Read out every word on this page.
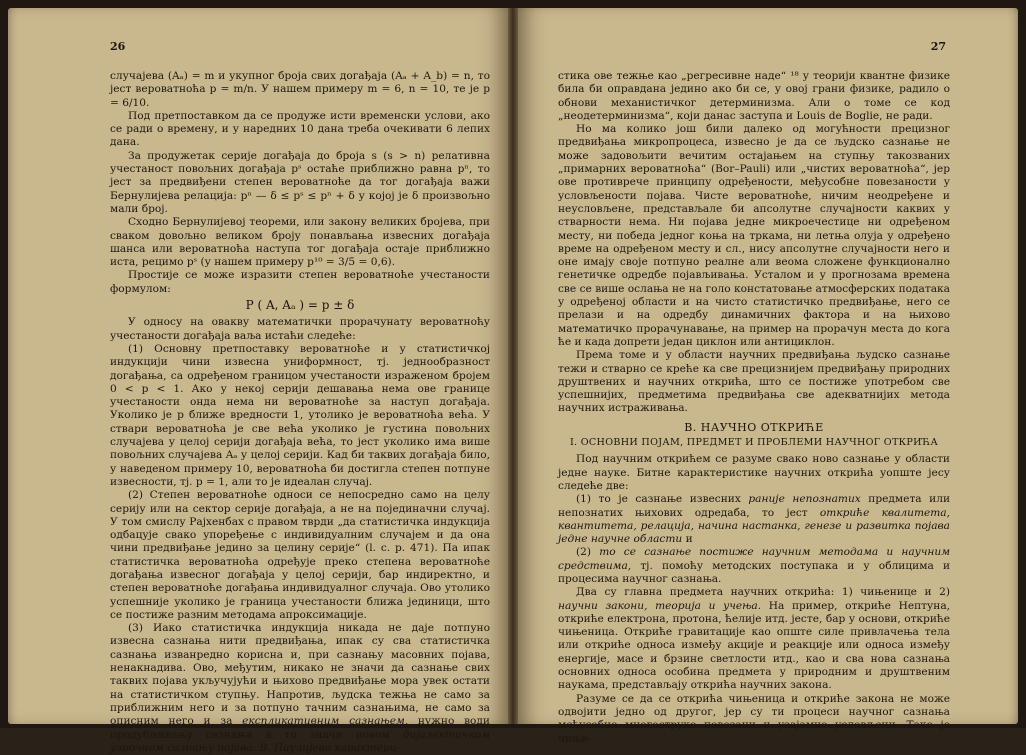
26

случајева (Aₐ) = m и укупног броја свих догађаја (Aₐ + A_b) = n, то јест вероватноћа p = m/n. У нашем примеру m = 6, n = 10, те је p = 6/10.

Под претпоставком да се продуже исти временски услови, ако се ради о времену, и у наредних 10 дана треба очекивати 6 лепих дана.

За продужетак серије догађаја до броја s (s > n) релативна учестаност повољних догађаја pˢ остаће приближно равна pⁿ, то јест за предвиђени степен вероватноће да тог догађаја важи Бернулијева релација: pⁿ — δ ≤ pˢ ≤ pⁿ + δ у којој је δ произвољно мали број.

Сходно Бернулијевој теореми, или закону великих бројева, при сваком довољно великом броју понављања извесних догађаја шанса или вероватноћа наступа тог догађаја остаје приближно иста, рецимо pˢ (у нашем примеру p¹⁰ = 3/5 = 0,6).

Простије се може изразити степен вероватноће учестаности формулом:

P ( A, Aₐ ) = p ± δ

У односу на овакву математички прорачунату вероватноћу учестаности догађаја ваља истаћи следеће:

(1) Основну претпоставку вероватноће и у статистичкој индукцији чини извесна униформност, тј. једнообразност догађања, са одређеном границом учестаности израженом бројем 0 < p < 1. Ако у некој серији дешавања нема ове границе учестаности онда нема ни вероватноће за наступ догађаја. Уколико је p ближе вредности 1, утолико је вероватноћа већа. У ствари вероватноћа је све већа уколико је густина повољних случајева у целој серији догађаја већа, то јест уколико има више повољних случајева Aₐ у целој серији. Кад би таквих догађаја било, у наведеном примеру 10, вероватноћа би достигла степен потпуне извесности, тј. p = 1, али то је идеалан случај.

(2) Степен вероватноће односи се непосредно само на целу серију или на сектор серије догађаја, а не на појединачни случај. У том смислу Рајхенбах с правом тврди „да статистичка индукција одбацује свако упоређење с индивидуалним случајем и да она чини предвиђање једино за целину серије“ (l. c. p. 471). Па ипак статистичка вероватноћа одређује преко степена вероватноће догађања извесног догађаја у целој серији, бар индиректно, и степен вероватноће догађања индивидуалног случаја. Ово утолико успешније уколико је граница учестаности ближа јединици, што се постиже разним методама апроксимације.

(3) Иако статистичка индукција никада не даје потпуно извесна сазнања нити предвиђања, ипак су сва статистичка сазнања изванредно корисна и, при сазнању масовних појава, ненакнадива. Ово, међутим, никако не значи да сазнање свих таквих појава укључујући и њихово предвиђање мора увек остати на статистичком ступњу. Напротив, људска тежња не само за приближним него и за потпуно тачним сазнањима, не само за описним него и за експликативним сазнањем, нужно води продубљивању сазнања а то значи новом дијалектичком узрочном сазнању појава. В. Паулијева карактери-

27

стика ове тежње као „регресивне наде“ ¹⁸ у теорији квантне физике била би оправдана једино ако би се, у овој грани физике, радило о обнови механистичког детерминизма. Али о томе се код „неодетерминизма“, који данас заступа и Louis de Boglie, не ради.

Но ма колико још били далеко од могућности прецизног предвиђања микропроцеса, извесно је да се људско сазнање не може задовољити вечитим остајањем на ступњу такозваних „примарних вероватноћа“ (Bor–Pauli) или „чистих вероватноћа“, јер ове противрече принципу одређености, међусобне повезаности у условљености појава. Чисте вероватноће, ничим неодређене и неусловљене, представљале би апсолутне случајности каквих у стварности нема. Ни појава једне микроечестице ни одређеном месту, ни победа једног коња на тркама, ни летња олуја у одређено време на одређеном месту и сл., нису апсолутне случајности него и оне имају своје потпуно реалне али веома сложене функционално генетичке одредбе појављивања. Усталом и у прогнозама времена све се више ослања не на голо констатовање атмосферских података у одређеној области и на чисто статистичко предвиђање, него се прелази и на одредбу динамичних фактора и на њихово математичко прорачунавање, на пример на прорачун места до кога ће и када допрети један циклон или антициклон.

Према томе и у области научних предвиђања људско сазнање тежи и стварно се креће ка све прецизнијем предвиђању природних друштвених и научних открића, што се постиже употребом све успешнијих, предметима предвиђања све адекватнијих метода научних истраживања.

В. НАУЧНО ОТКРИЋЕ
I. ОСНОВНИ ПОЈАМ, ПРЕДМЕТ И ПРОБЛЕМИ НАУЧНОГ ОТКРИЋА

Под научним открићем се разуме свако ново сазнање у области једне науке. Битне карактеристике научних открића уопште јесу следеће две:

(1) то је сазнање извесних раније непознатих предмета или непознатих њихових одредаба, то јест откриће квалитета, квантитета, релација, начина настанка, генезе и развитка појава једне научне области и

(2) то се сазнање постиже научним методама и научним средствима, тј. помоћу методских поступака и у облицима и процесима научног сазнања.

Два су главна предмета научних открића: 1) чињенице и 2) научни закони, теорија и учења. На пример, откриће Нептуна, откриће електрона, протона, ћелије итд. јесте, бар у основи, откриће чињеница. Откриће гравитације као опште силе привлачења тела или откриће односа између акције и реакције или односа између енергије, масе и брзине светлости итд., као и сва нова сазнања основних односа особина предмета у природним и друштвеним наукама, представљају открића научних закона.

Разуме се да се открића чињеница и откриће закона не може одвојити једно од другог, јер су ти процеси научног сазнања међусобно многоструко повезани и узајамно условљени. Тако је чиње-
